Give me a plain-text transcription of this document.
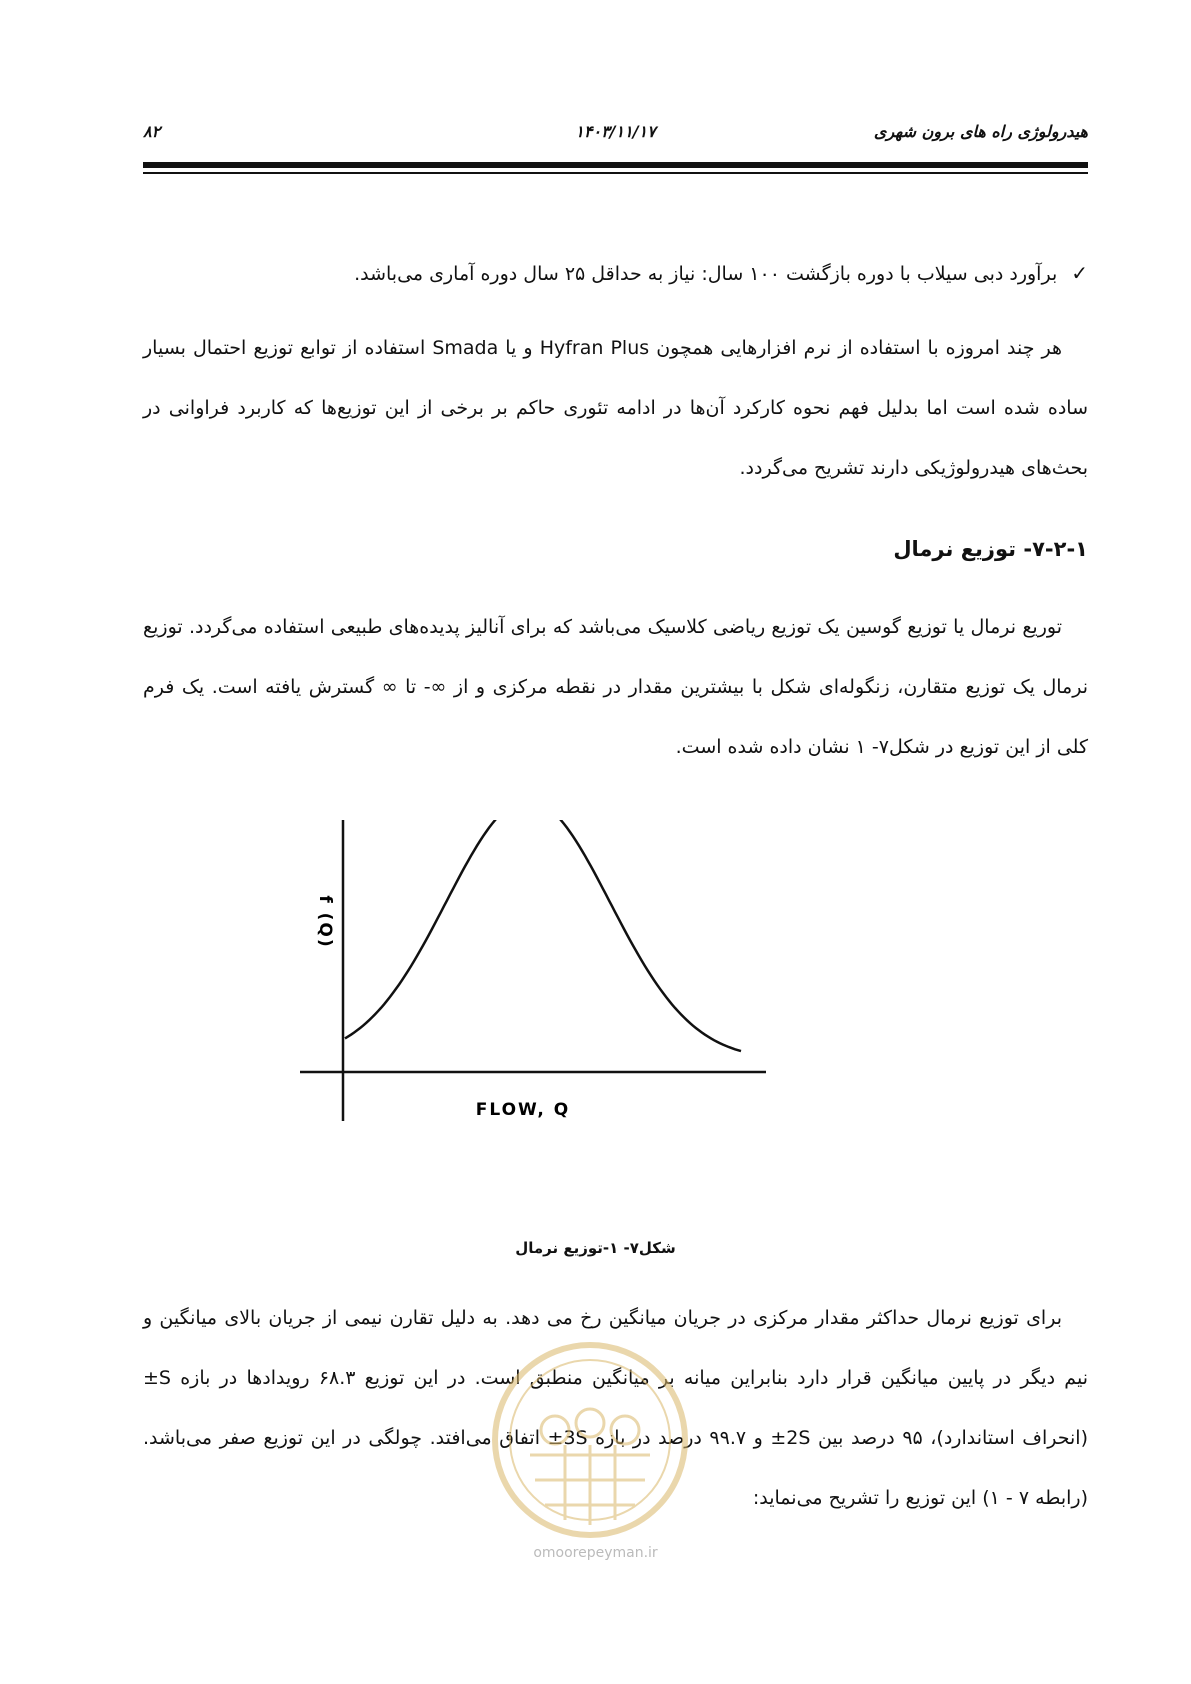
هیدرولوژی راه های برون شهری
۱۴۰۳/۱۱/۱۷
۸۲
✓برآورد دبی سیلاب با دوره بازگشت ۱۰۰ سال: نیاز به حداقل ۲۵ سال دوره آماری می‌باشد.
هر چند امروزه با استفاده از نرم افزارهایی همچون Hyfran Plus و یا Smada استفاده از توابع توزیع احتمال بسیار ساده شده است اما بدلیل فهم نحوه کارکرد آن‌ها در ادامه تئوری حاکم بر برخی از این توزیع‌ها که کاربرد فراوانی در بحث‌های هیدرولوژیکی دارند تشریح می‌گردد.
۷-۲-۱- توزیع نرمال
توریع نرمال یا توزیع گوسین یک توزیع ریاضی کلاسیک می‌باشد که برای آنالیز پدیده‌های طبیعی استفاده می‌گردد. توزیع نرمال یک توزیع متقارن، زنگوله‌ای شکل با بیشترین مقدار در نقطه مرکزی و از ∞- تا ∞ گسترش یافته است. یک فرم کلی از این توزیع در شکل۷- ۱ نشان داده شده است.
f (Q)
FLOW, Q
شکل۷- ۱-توزیع نرمال
برای توزیع نرمال حداکثر مقدار مرکزی در جریان میانگین رخ می دهد. به دلیل تقارن نیمی از جریان بالای میانگین و نیم دیگر در پایین میانگین قرار دارد بنابراین میانه بر میانگین منطبق است. در این توزیع ۶۸.۳ رویدادها در بازه S± (انحراف استاندارد)، ۹۵ درصد بین 2S± و ۹۹.۷ درصد در بازه 3S± اتفاق می‌افتد. چولگی در این توزیع صفر می‌باشد. (رابطه ۷ - ۱) این توزیع را تشریح می‌نماید:
omoorepeyman.ir
